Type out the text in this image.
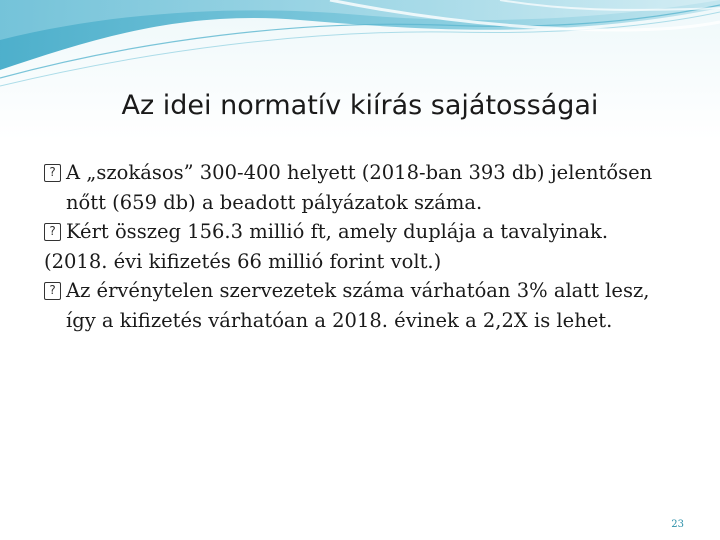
Az idei normatív kiírás sajátosságai
? A „szokásos” 300-400 helyett (2018-ban 393 db) jelentősen nőtt (659 db) a beadott pályázatok száma.
? Kért összeg 156.3 millió ft, amely duplája a tavalyinak.
(2018. évi kifizetés 66 millió forint volt.)
? Az érvénytelen szervezetek száma várhatóan 3% alatt lesz, így a kifizetés várhatóan a 2018. évinek a 2,2X is lehet.
23
